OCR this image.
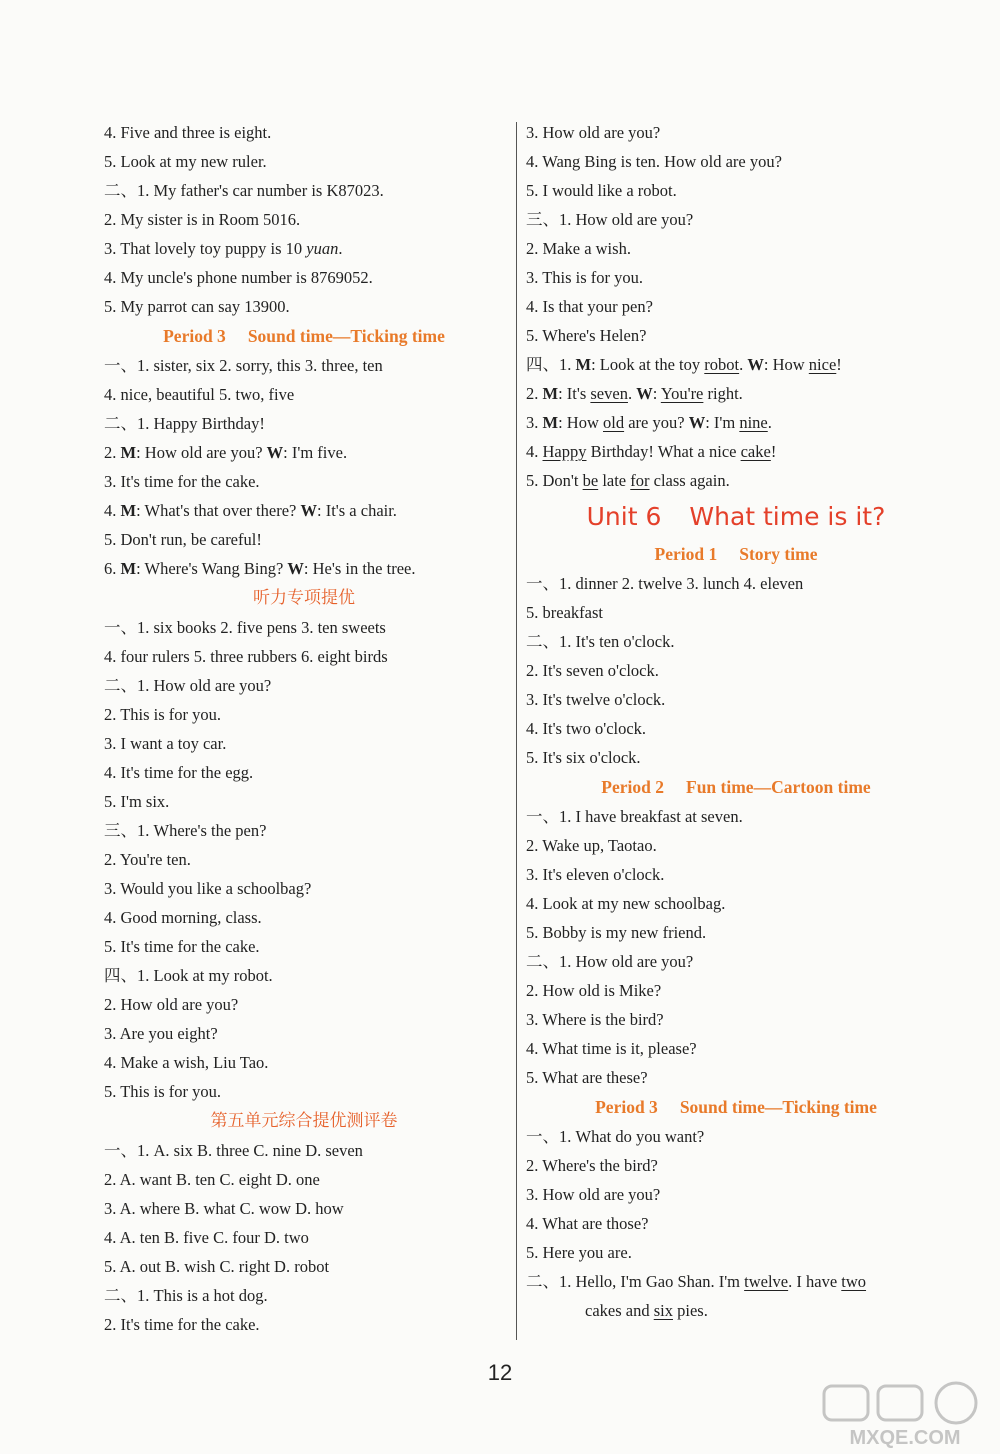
4. Five and three is eight.
5. Look at my new ruler.
二、1. My father's car number is K87023.
2. My sister is in Room 5016.
3. That lovely toy puppy is 10 yuan.
4. My uncle's phone number is 8769052.
5. My parrot can say 13900.
Period 3 Sound time—Ticking time
一、1. sister, six 2. sorry, this 3. three, ten
4. nice, beautiful 5. two, five
二、1. Happy Birthday!
2. M: How old are you? W: I'm five.
3. It's time for the cake.
4. M: What's that over there? W: It's a chair.
5. Don't run, be careful!
6. M: Where's Wang Bing? W: He's in the tree.
听力专项提优
一、1. six books 2. five pens 3. ten sweets
4. four rulers 5. three rubbers 6. eight birds
二、1. How old are you?
2. This is for you.
3. I want a toy car.
4. It's time for the egg.
5. I'm six.
三、1. Where's the pen?
2. You're ten.
3. Would you like a schoolbag?
4. Good morning, class.
5. It's time for the cake.
四、1. Look at my robot.
2. How old are you?
3. Are you eight?
4. Make a wish, Liu Tao.
5. This is for you.
第五单元综合提优测评卷
一、1. A. six B. three C. nine D. seven
2. A. want B. ten C. eight D. one
3. A. where B. what C. wow D. how
4. A. ten B. five C. four D. two
5. A. out B. wish C. right D. robot
二、1. This is a hot dog.
2. It's time for the cake.
3. How old are you?
4. Wang Bing is ten. How old are you?
5. I would like a robot.
三、1. How old are you?
2. Make a wish.
3. This is for you.
4. Is that your pen?
5. Where's Helen?
四、1. M: Look at the toy robot. W: How nice!
2. M: It's seven. W: You're right.
3. M: How old are you? W: I'm nine.
4. Happy Birthday! What a nice cake!
5. Don't be late for class again.
Unit 6 What time is it?
Period 1 Story time
一、1. dinner 2. twelve 3. lunch 4. eleven
5. breakfast
二、1. It's ten o'clock.
2. It's seven o'clock.
3. It's twelve o'clock.
4. It's two o'clock.
5. It's six o'clock.
Period 2 Fun time—Cartoon time
一、1. I have breakfast at seven.
2. Wake up, Taotao.
3. It's eleven o'clock.
4. Look at my new schoolbag.
5. Bobby is my new friend.
二、1. How old are you?
2. How old is Mike?
3. Where is the bird?
4. What time is it, please?
5. What are these?
Period 3 Sound time—Ticking time
一、1. What do you want?
2. Where's the bird?
3. How old are you?
4. What are those?
5. Here you are.
二、1. Hello, I'm Gao Shan. I'm twelve. I have two
cakes and six pies.
12
MXQE.COM
